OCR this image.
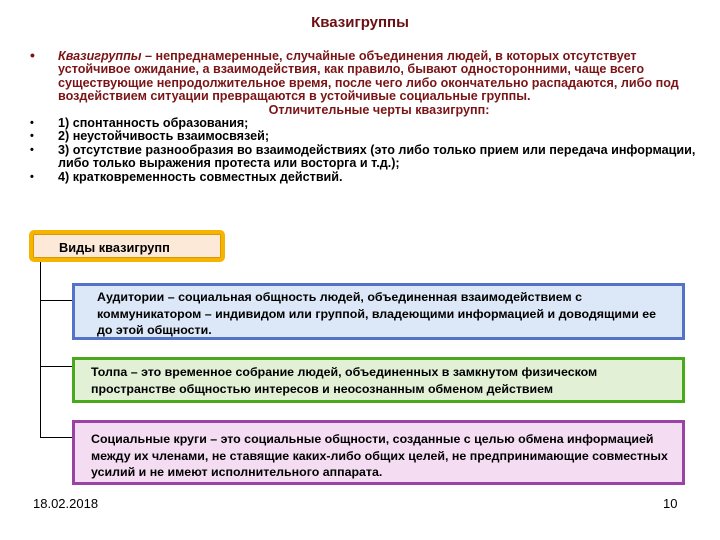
Квазигруппы
• Квазигруппы – непреднамеренные, случайные объединения людей, в которых отсутствует устойчивое ожидание, а взаимодействия, как правило, бывают односторонними, чаще всего существующие непродолжительное время, после чего либо окончательно распадаются, либо под воздействием ситуации превращаются в устойчивые социальные группы.
Отличительные черты квазигрупп:
• 1) спонтанность образования;
• 2) неустойчивость взаимосвязей;
• 3) отсутствие разнообразия во взаимодействиях (это либо только прием или передача информации, либо только выражения протеста или восторга и т.д.);
• 4) кратковременность совместных действий.
Виды квазигрупп
Аудитории – социальная общность людей, объединенная взаимодействием с коммуникатором – индивидом или группой, владеющими информацией и доводящими ее до этой общности.
Толпа – это временное собрание людей, объединенных в замкнутом физическом пространстве общностью интересов и неосознанным обменом действием
Социальные круги – это социальные общности, созданные с целью обмена информацией между их членами, не ставящие каких-либо общих целей, не предпринимающие совместных усилий и не имеют исполнительного аппарата.
18.02.2018	10
